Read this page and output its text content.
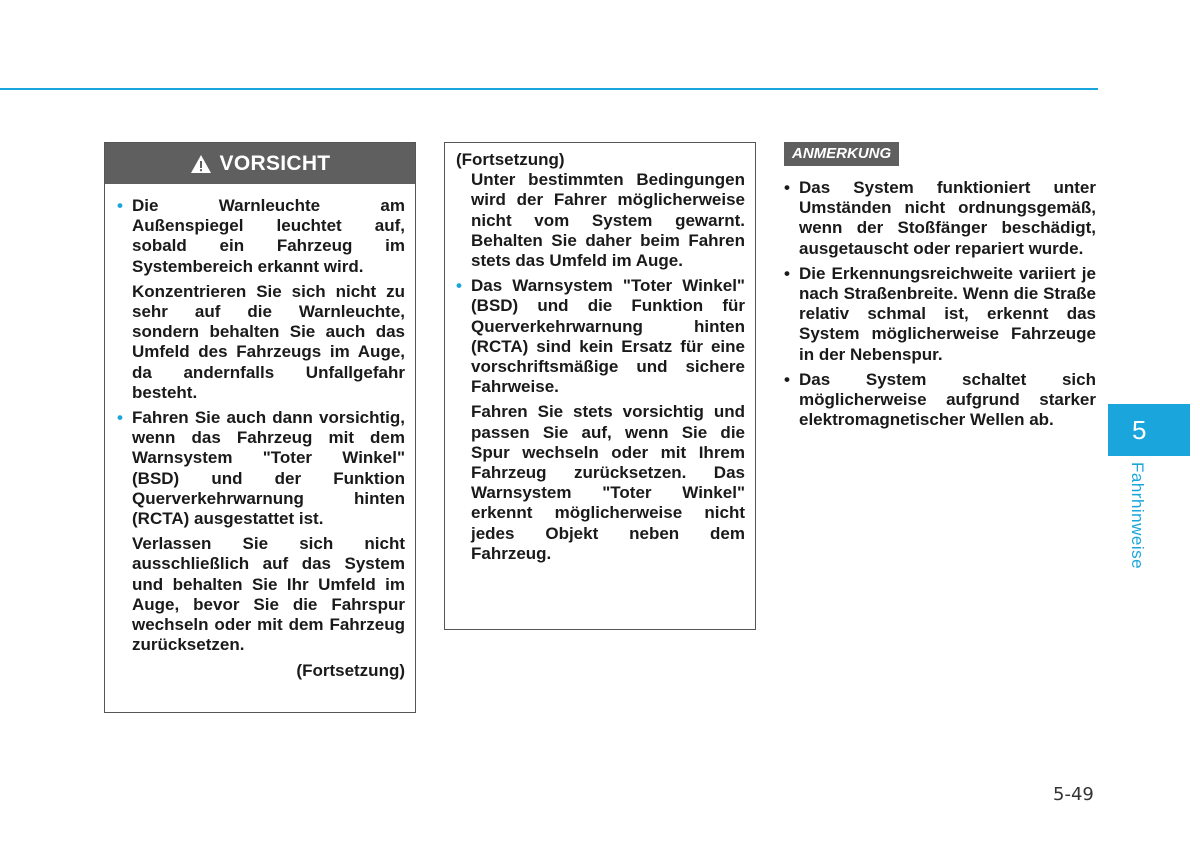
VORSICHT
• Die Warnleuchte am Außenspiegel leuchtet auf, sobald ein Fahrzeug im Systembereich erkannt wird.
Konzentrieren Sie sich nicht zu sehr auf die Warnleuchte, sondern behalten Sie auch das Umfeld des Fahrzeugs im Auge, da andernfalls Unfallgefahr besteht.
• Fahren Sie auch dann vorsichtig, wenn das Fahrzeug mit dem Warnsystem "Toter Winkel" (BSD) und der Funktion Querverkehrwarnung hinten (RCTA) ausgestattet ist.
Verlassen Sie sich nicht ausschließlich auf das System und behalten Sie Ihr Umfeld im Auge, bevor Sie die Fahrspur wechseln oder mit dem Fahrzeug zurücksetzen.
(Fortsetzung)
(Fortsetzung)
Unter bestimmten Bedingungen wird der Fahrer möglicherweise nicht vom System gewarnt. Behalten Sie daher beim Fahren stets das Umfeld im Auge.
• Das Warnsystem "Toter Winkel" (BSD) und die Funktion für Querverkehrwarnung hinten (RCTA) sind kein Ersatz für eine vorschriftsmäßige und sichere Fahrweise.
Fahren Sie stets vorsichtig und passen Sie auf, wenn Sie die Spur wechseln oder mit Ihrem Fahrzeug zurücksetzen. Das Warnsystem "Toter Winkel" erkennt möglicherweise nicht jedes Objekt neben dem Fahrzeug.
ANMERKUNG
• Das System funktioniert unter Umständen nicht ordnungsgemäß, wenn der Stoßfänger beschädigt, ausgetauscht oder repariert wurde.
• Die Erkennungsreichweite variiert je nach Straßenbreite. Wenn die Straße relativ schmal ist, erkennt das System möglicherweise Fahrzeuge in der Nebenspur.
• Das System schaltet sich möglicherweise aufgrund starker elektromagnetischer Wellen ab.	5
Fahrhinweise
5-49
